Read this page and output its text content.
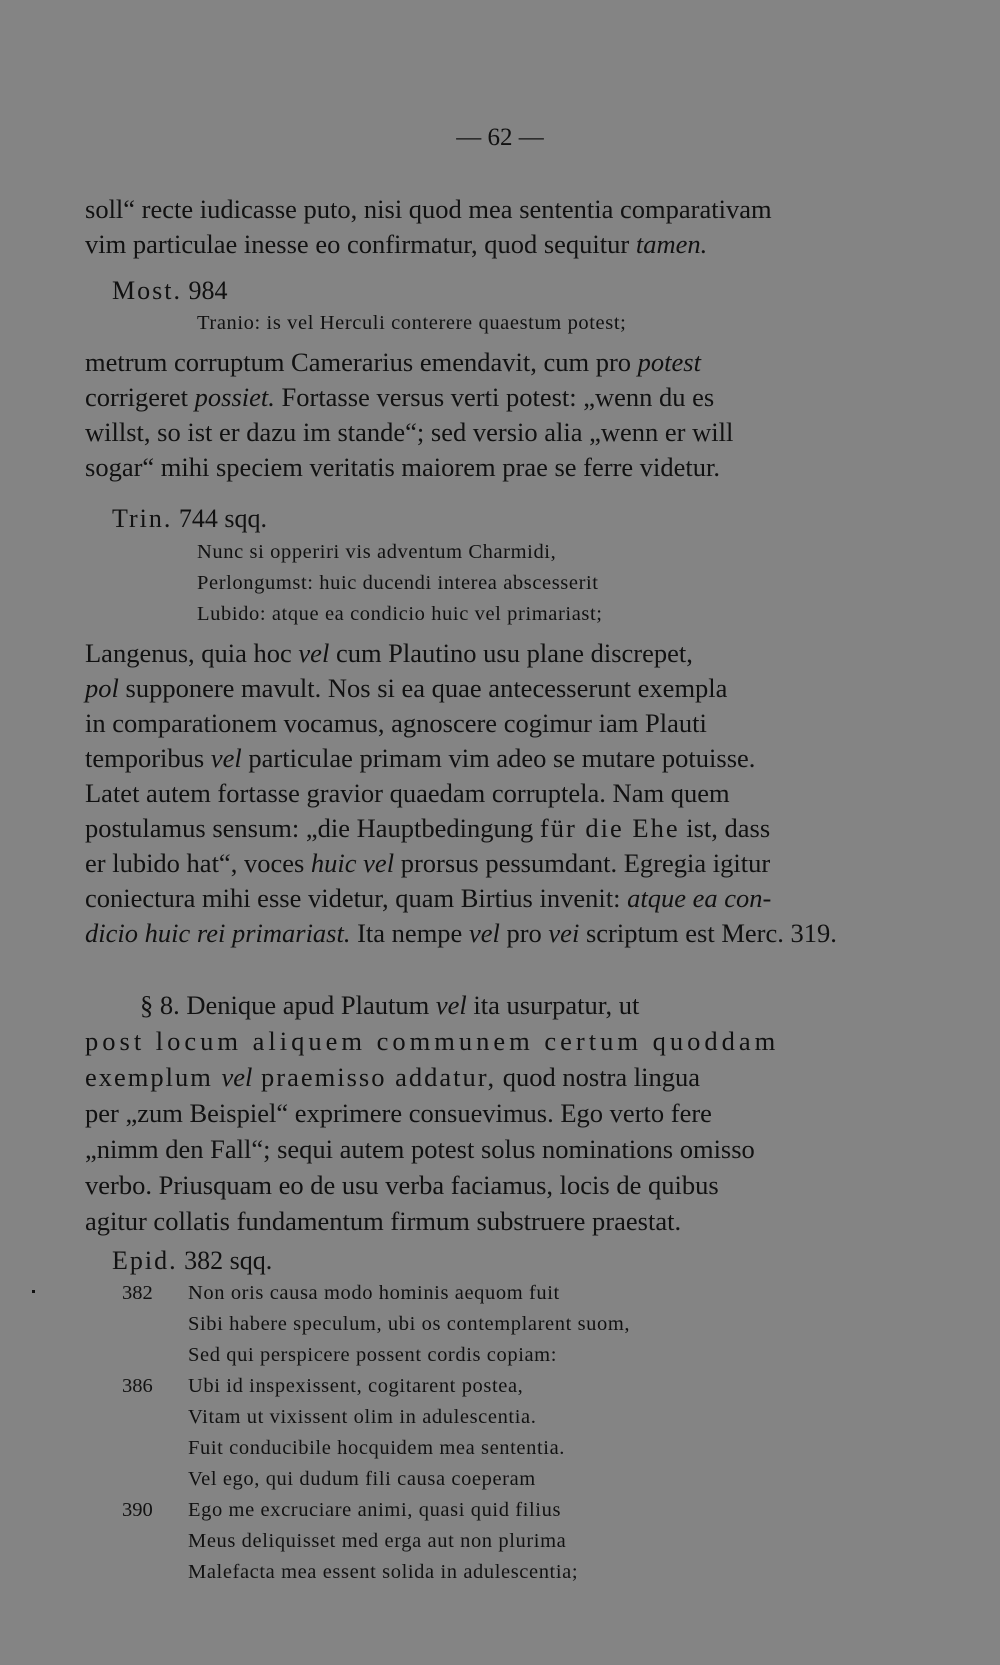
— 62 —
soll“ recte iudicasse puto, nisi quod mea sententia comparativam
vim particulae inesse eo confirmatur, quod sequitur tamen.
Most. 984
Tranio: is vel Herculi conterere quaestum potest;
metrum corruptum Camerarius emendavit, cum pro potest
corrigeret possiet. Fortasse versus verti potest: „wenn du es
willst, so ist er dazu im stande“; sed versio alia „wenn er will
sogar“ mihi speciem veritatis maiorem prae se ferre videtur.
Trin. 744 sqq.
Nunc si opperiri vis adventum Charmidi,
Perlongumst: huic ducendi interea abscesserit
Lubido: atque ea condicio huic vel primariast;
Langenus, quia hoc vel cum Plautino usu plane discrepet,
pol supponere mavult. Nos si ea quae antecesserunt exempla
in comparationem vocamus, agnoscere cogimur iam Plauti
temporibus vel particulae primam vim adeo se mutare potuisse.
Latet autem fortasse gravior quaedam corruptela. Nam quem
postulamus sensum: „die Hauptbedingung für die Ehe ist, dass
er lubido hat“, voces huic vel prorsus pessumdant. Egregia igitur
coniectura mihi esse videtur, quam Birtius invenit: atque ea con-
dicio huic rei primariast. Ita nempe vel pro vei scriptum est Merc. 319.
§ 8. Denique apud Plautum vel ita usurpatur, ut
post locum aliquem communem certum quoddam
exemplum vel praemisso addatur, quod nostra lingua
per „zum Beispiel“ exprimere consuevimus. Ego verto fere
„nimm den Fall“; sequi autem potest solus nominations omisso
verbo. Priusquam eo de usu verba faciamus, locis de quibus
agitur collatis fundamentum firmum substruere praestat.
Epid. 382 sqq.
382 Non oris causa modo hominis aequom fuit
Sibi habere speculum, ubi os contemplarent suom,
Sed qui perspicere possent cordis copiam:
386 Ubi id inspexissent, cogitarent postea,
Vitam ut vixissent olim in adulescentia.
Fuit conducibile hocquidem mea sententia.
Vel ego, qui dudum fili causa coeperam
390 Ego me excruciare animi, quasi quid filius
Meus deliquisset med erga aut non plurima
Malefacta mea essent solida in adulescentia;
